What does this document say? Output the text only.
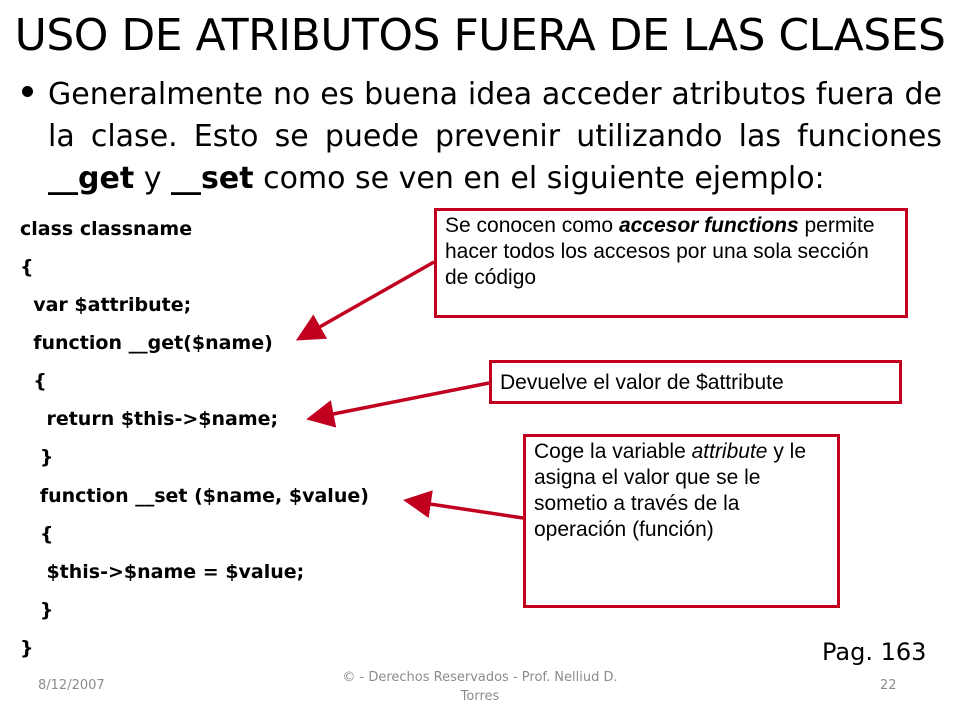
USO DE ATRIBUTOS FUERA DE LAS CLASES
Generalmente no es buena idea acceder atributos fuera de la clase. Esto se puede prevenir utilizando las funciones __get y __set como se ven en el siguiente ejemplo:
class classname
{
var $attribute;
function __get($name)
{
return $this->$name;
}
function __set ($name, $value)
{
$this->$name = $value;
}
}
Se conocen como accesor functions permite hacer todos los accesos por una sola sección de código
Devuelve el valor de $attribute
Coge la variable attribute y le asigna el valor que se le sometio a través de la operación (función)
Pag. 163
8/12/2007
© - Derechos Reservados - Prof. Nelliud D. Torres
22
